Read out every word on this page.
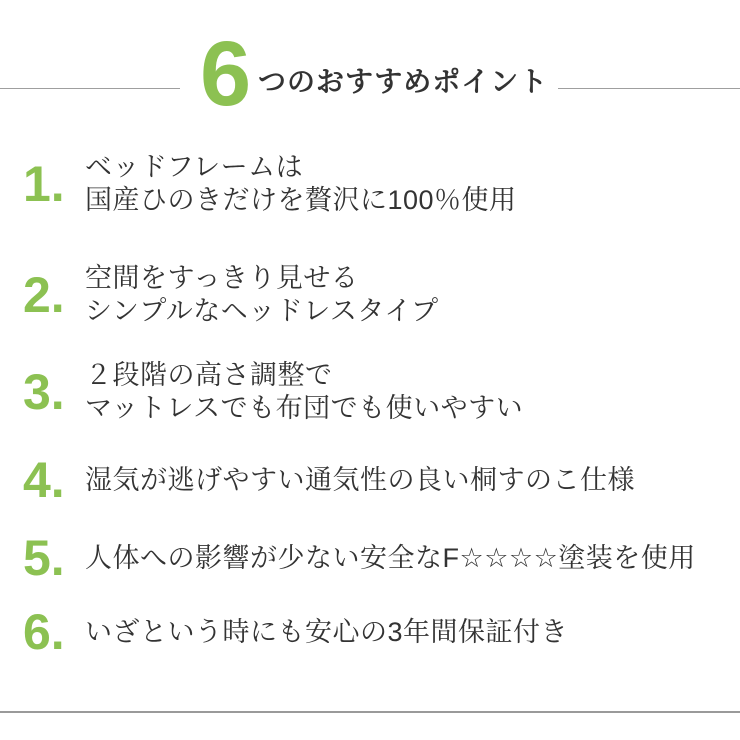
6 つのおすすめポイント
1. ベッドフレームは
国産ひのきだけを贅沢に100％使用
2. 空間をすっきり見せる
シンプルなヘッドレスタイプ
3. ２段階の高さ調整で
マットレスでも布団でも使いやすい
4. 湿気が逃げやすい通気性の良い桐すのこ仕様
5. 人体への影響が少ない安全なF☆☆☆☆塗装を使用
6. いざという時にも安心の3年間保証付き
